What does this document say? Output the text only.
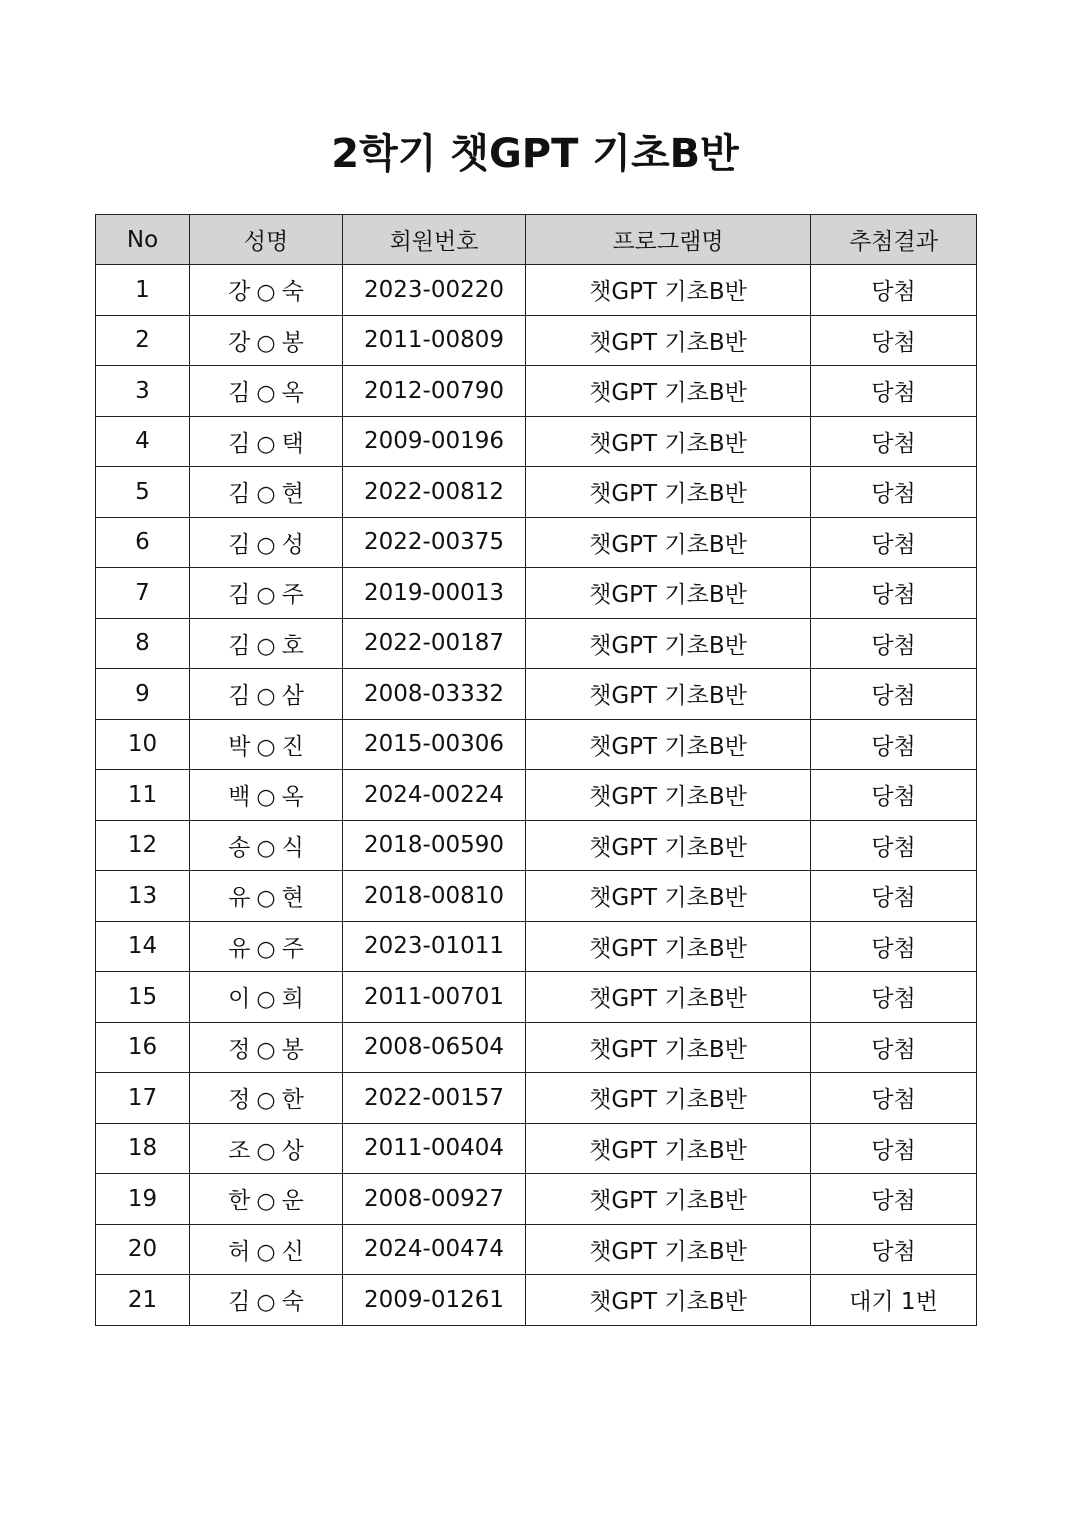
2학기 챗GPT 기초B반
No	성명	회원번호	프로그램명	추첨결과
1	강 ○ 숙	2023-00220	챗GPT 기초B반	당첨
2	강 ○ 봉	2011-00809	챗GPT 기초B반	당첨
3	김 ○ 옥	2012-00790	챗GPT 기초B반	당첨
4	김 ○ 택	2009-00196	챗GPT 기초B반	당첨
5	김 ○ 현	2022-00812	챗GPT 기초B반	당첨
6	김 ○ 성	2022-00375	챗GPT 기초B반	당첨
7	김 ○ 주	2019-00013	챗GPT 기초B반	당첨
8	김 ○ 호	2022-00187	챗GPT 기초B반	당첨
9	김 ○ 삼	2008-03332	챗GPT 기초B반	당첨
10	박 ○ 진	2015-00306	챗GPT 기초B반	당첨
11	백 ○ 옥	2024-00224	챗GPT 기초B반	당첨
12	송 ○ 식	2018-00590	챗GPT 기초B반	당첨
13	유 ○ 현	2018-00810	챗GPT 기초B반	당첨
14	유 ○ 주	2023-01011	챗GPT 기초B반	당첨
15	이 ○ 희	2011-00701	챗GPT 기초B반	당첨
16	정 ○ 봉	2008-06504	챗GPT 기초B반	당첨
17	정 ○ 한	2022-00157	챗GPT 기초B반	당첨
18	조 ○ 상	2011-00404	챗GPT 기초B반	당첨
19	한 ○ 운	2008-00927	챗GPT 기초B반	당첨
20	허 ○ 신	2024-00474	챗GPT 기초B반	당첨
21	김 ○ 숙	2009-01261	챗GPT 기초B반	대기 1번
